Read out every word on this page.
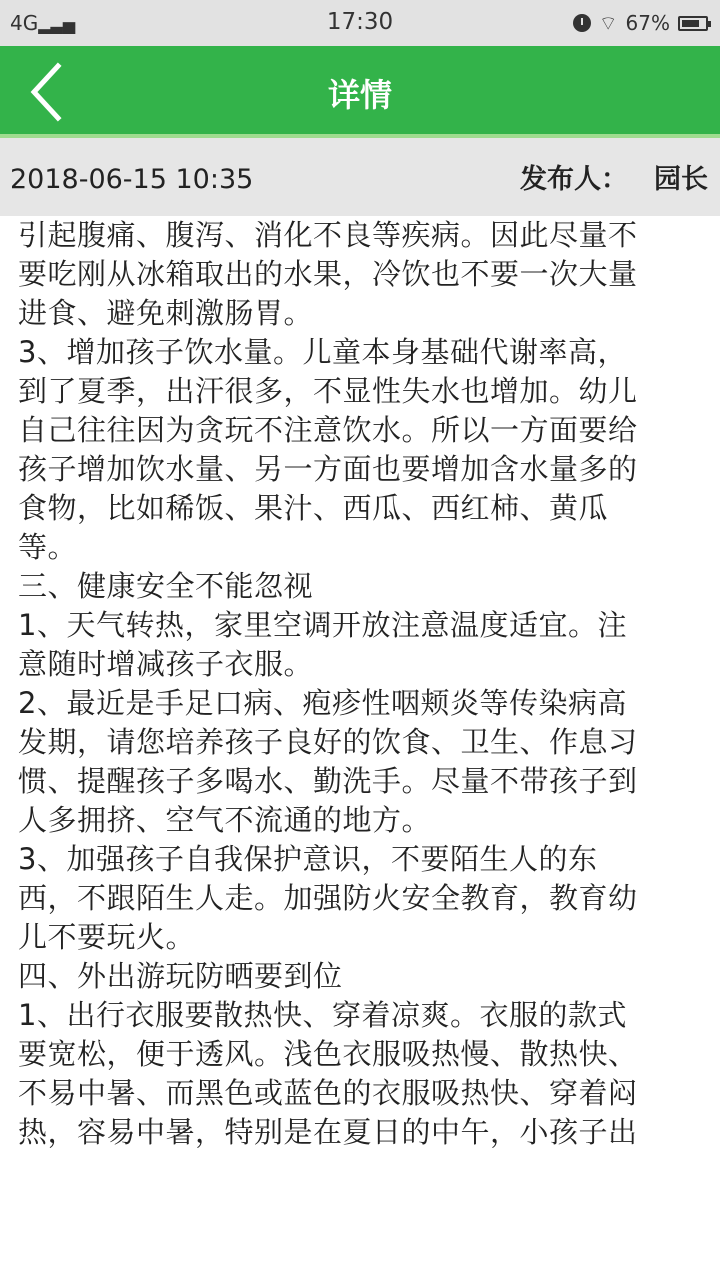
4G▂▃▅	17:30	⌔ 67%
详情
2018-06-15 10:35	发布人： 园长
引起腹痛、腹泻、消化不良等疾病。因此尽量不
要吃刚从冰箱取出的水果，冷饮也不要一次大量
进食、避免刺激肠胃。
3、增加孩子饮水量。儿童本身基础代谢率高，
到了夏季，出汗很多，不显性失水也增加。幼儿
自己往往因为贪玩不注意饮水。所以一方面要给
孩子增加饮水量、另一方面也要增加含水量多的
食物，比如稀饭、果汁、西瓜、西红柿、黄瓜
等。
三、健康安全不能忽视
1、天气转热，家里空调开放注意温度适宜。注
意随时增减孩子衣服。
2、最近是手足口病、疱疹性咽颊炎等传染病高
发期，请您培养孩子良好的饮食、卫生、作息习
惯、提醒孩子多喝水、勤洗手。尽量不带孩子到
人多拥挤、空气不流通的地方。
3、加强孩子自我保护意识，不要陌生人的东
西，不跟陌生人走。加强防火安全教育，教育幼
儿不要玩火。
四、外出游玩防晒要到位
1、出行衣服要散热快、穿着凉爽。衣服的款式
要宽松，便于透风。浅色衣服吸热慢、散热快、
不易中暑、而黑色或蓝色的衣服吸热快、穿着闷
热，容易中暑，特别是在夏日的中午，小孩子出
